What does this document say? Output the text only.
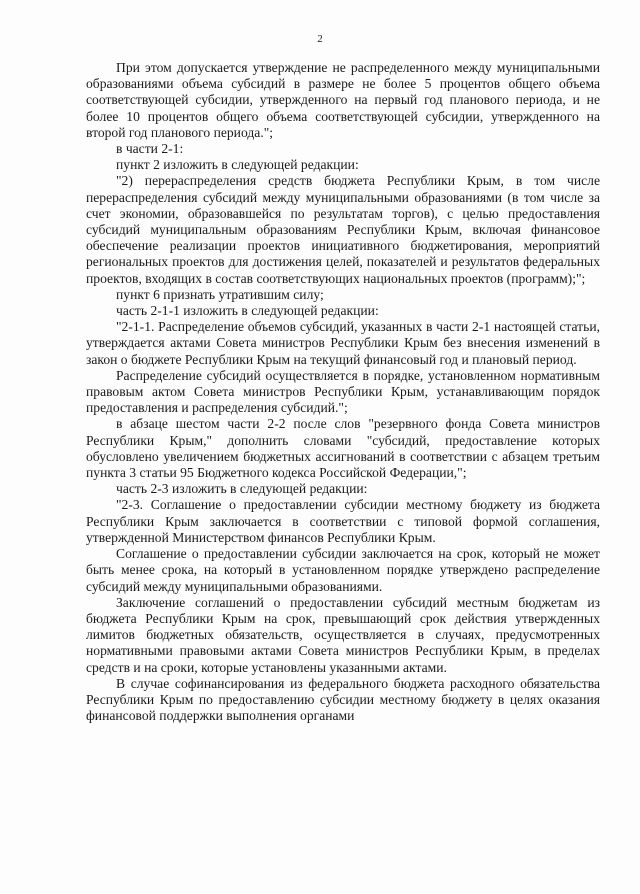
2

При этом допускается утверждение не распределенного между муниципальными образованиями объема субсидий в размере не более 5 процентов общего объема соответствующей субсидии, утвержденного на первый год планового периода, и не более 10 процентов общего объема соответствующей субсидии, утвержденного на второй год планового периода.";

в части 2-1:

пункт 2 изложить в следующей редакции:

"2) перераспределения средств бюджета Республики Крым, в том числе перераспределения субсидий между муниципальными образованиями (в том числе за счет экономии, образовавшейся по результатам торгов), с целью предоставления субсидий муниципальным образованиям Республики Крым, включая финансовое обеспечение реализации проектов инициативного бюджетирования, мероприятий региональных проектов для достижения целей, показателей и результатов федеральных проектов, входящих в состав соответствующих национальных проектов (программ);";

пункт 6 признать утратившим силу;

часть 2-1-1 изложить в следующей редакции:

"2-1-1. Распределение объемов субсидий, указанных в части 2-1 настоящей статьи, утверждается актами Совета министров Республики Крым без внесения изменений в закон о бюджете Республики Крым на текущий финансовый год и плановый период.

Распределение субсидий осуществляется в порядке, установленном нормативным правовым актом Совета министров Республики Крым, устанавливающим порядок предоставления и распределения субсидий.";

в абзаце шестом части 2-2 после слов "резервного фонда Совета министров Республики Крым," дополнить словами "субсидий, предоставление которых обусловлено увеличением бюджетных ассигнований в соответствии с абзацем третьим пункта 3 статьи 95 Бюджетного кодекса Российской Федерации,";

часть 2-3 изложить в следующей редакции:

"2-3. Соглашение о предоставлении субсидии местному бюджету из бюджета Республики Крым заключается в соответствии с типовой формой соглашения, утвержденной Министерством финансов Республики Крым.

Соглашение о предоставлении субсидии заключается на срок, который не может быть менее срока, на который в установленном порядке утверждено распределение субсидий между муниципальными образованиями.

Заключение соглашений о предоставлении субсидий местным бюджетам из бюджета Республики Крым на срок, превышающий срок действия утвержденных лимитов бюджетных обязательств, осуществляется в случаях, предусмотренных нормативными правовыми актами Совета министров Республики Крым, в пределах средств и на сроки, которые установлены указанными актами.

В случае софинансирования из федерального бюджета расходного обязательства Республики Крым по предоставлению субсидии местному бюджету в целях оказания финансовой поддержки выполнения органами
